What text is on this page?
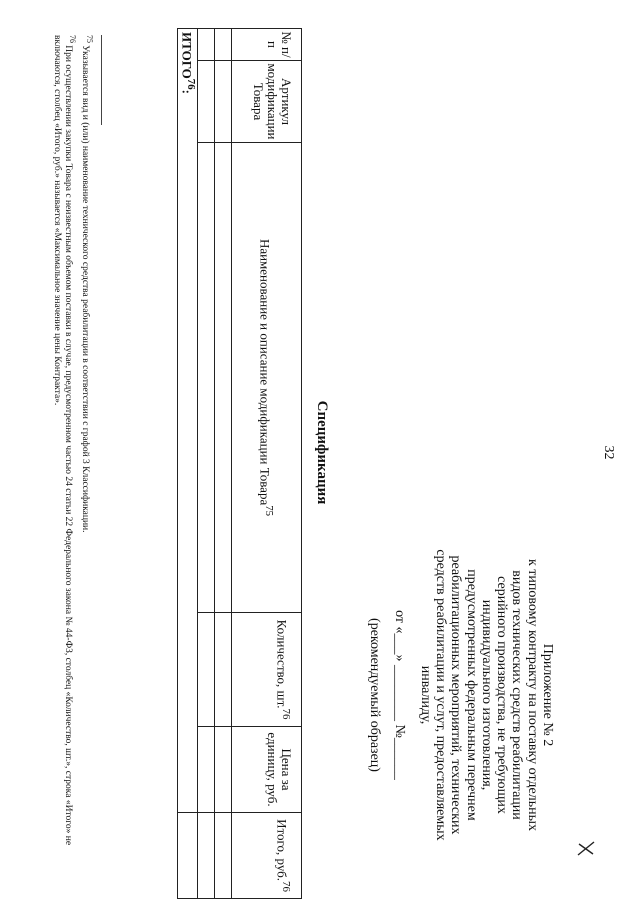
32
Приложение № 2
к типовому контракту на поставку отдельных
видов технических средств реабилитации
серийного производства, не требующих
индивидуального изготовления,
предусмотренных федеральным перечнем
реабилитационных мероприятий, технических
средств реабилитации и услут, предоставляемых
инвалиду,
от «___» ________ №______
(рекомендуемый образец)
Спецификация
№ п/п	Артикул модификации Товара	Наименование и описание модификации Товара$^{75}$	Количество, шт.$^{76}$	Цена за единицу, руб.	Итого, руб.$^{76}$

ИТОГО$^{76}$:					
$^{75}$ Указывается вид и (или) наименование технического средства реабилитации в соответствии с графой 3 Классификации.
$^{76}$ При осуществлении закупки Товара с неизвестным объемом поставки в случае, предусмотренном частью 24 статьи 22 Федерального закона № 44-ФЗ, столбец «Количество, шт.», строка «Итого» не включаются, столбец «Итого, руб.» называется «Максимальное значение цены Контракта».
